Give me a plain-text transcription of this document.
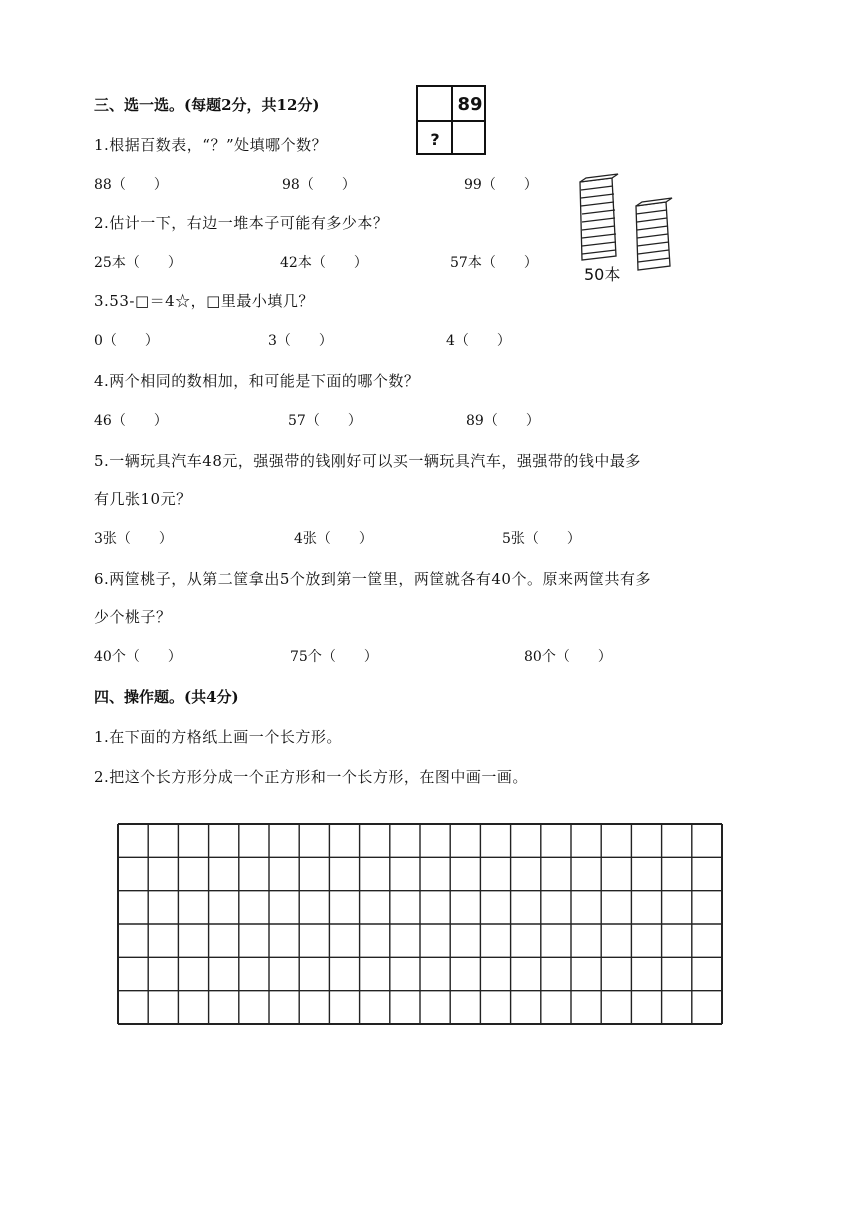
三、选一选。(每题2分，共12分)	89
?
1.根据百数表，“？”处填哪个数？
88（　　）	98（　　）	99（　　）
50本
2.估计一下，右边一堆本子可能有多少本？
25本（　　）	42本（　　）	57本（　　）
3.53-□＝4☆，□里最小填几？
0（　　）	3（　　）	4（　　）
4.两个相同的数相加，和可能是下面的哪个数？
46（　　）	57（　　）	89（　　）
5.一辆玩具汽车48元，强强带的钱刚好可以买一辆玩具汽车，强强带的钱中最多
有几张10元？
3张（　　）	4张（　　）	5张（　　）
6.两筐桃子，从第二筐拿出5个放到第一筐里，两筐就各有40个。原来两筐共有多
少个桃子？
40个（　　）	75个（　　）	80个（　　）
四、操作题。(共4分)
1.在下面的方格纸上画一个长方形。
2.把这个长方形分成一个正方形和一个长方形，在图中画一画。
